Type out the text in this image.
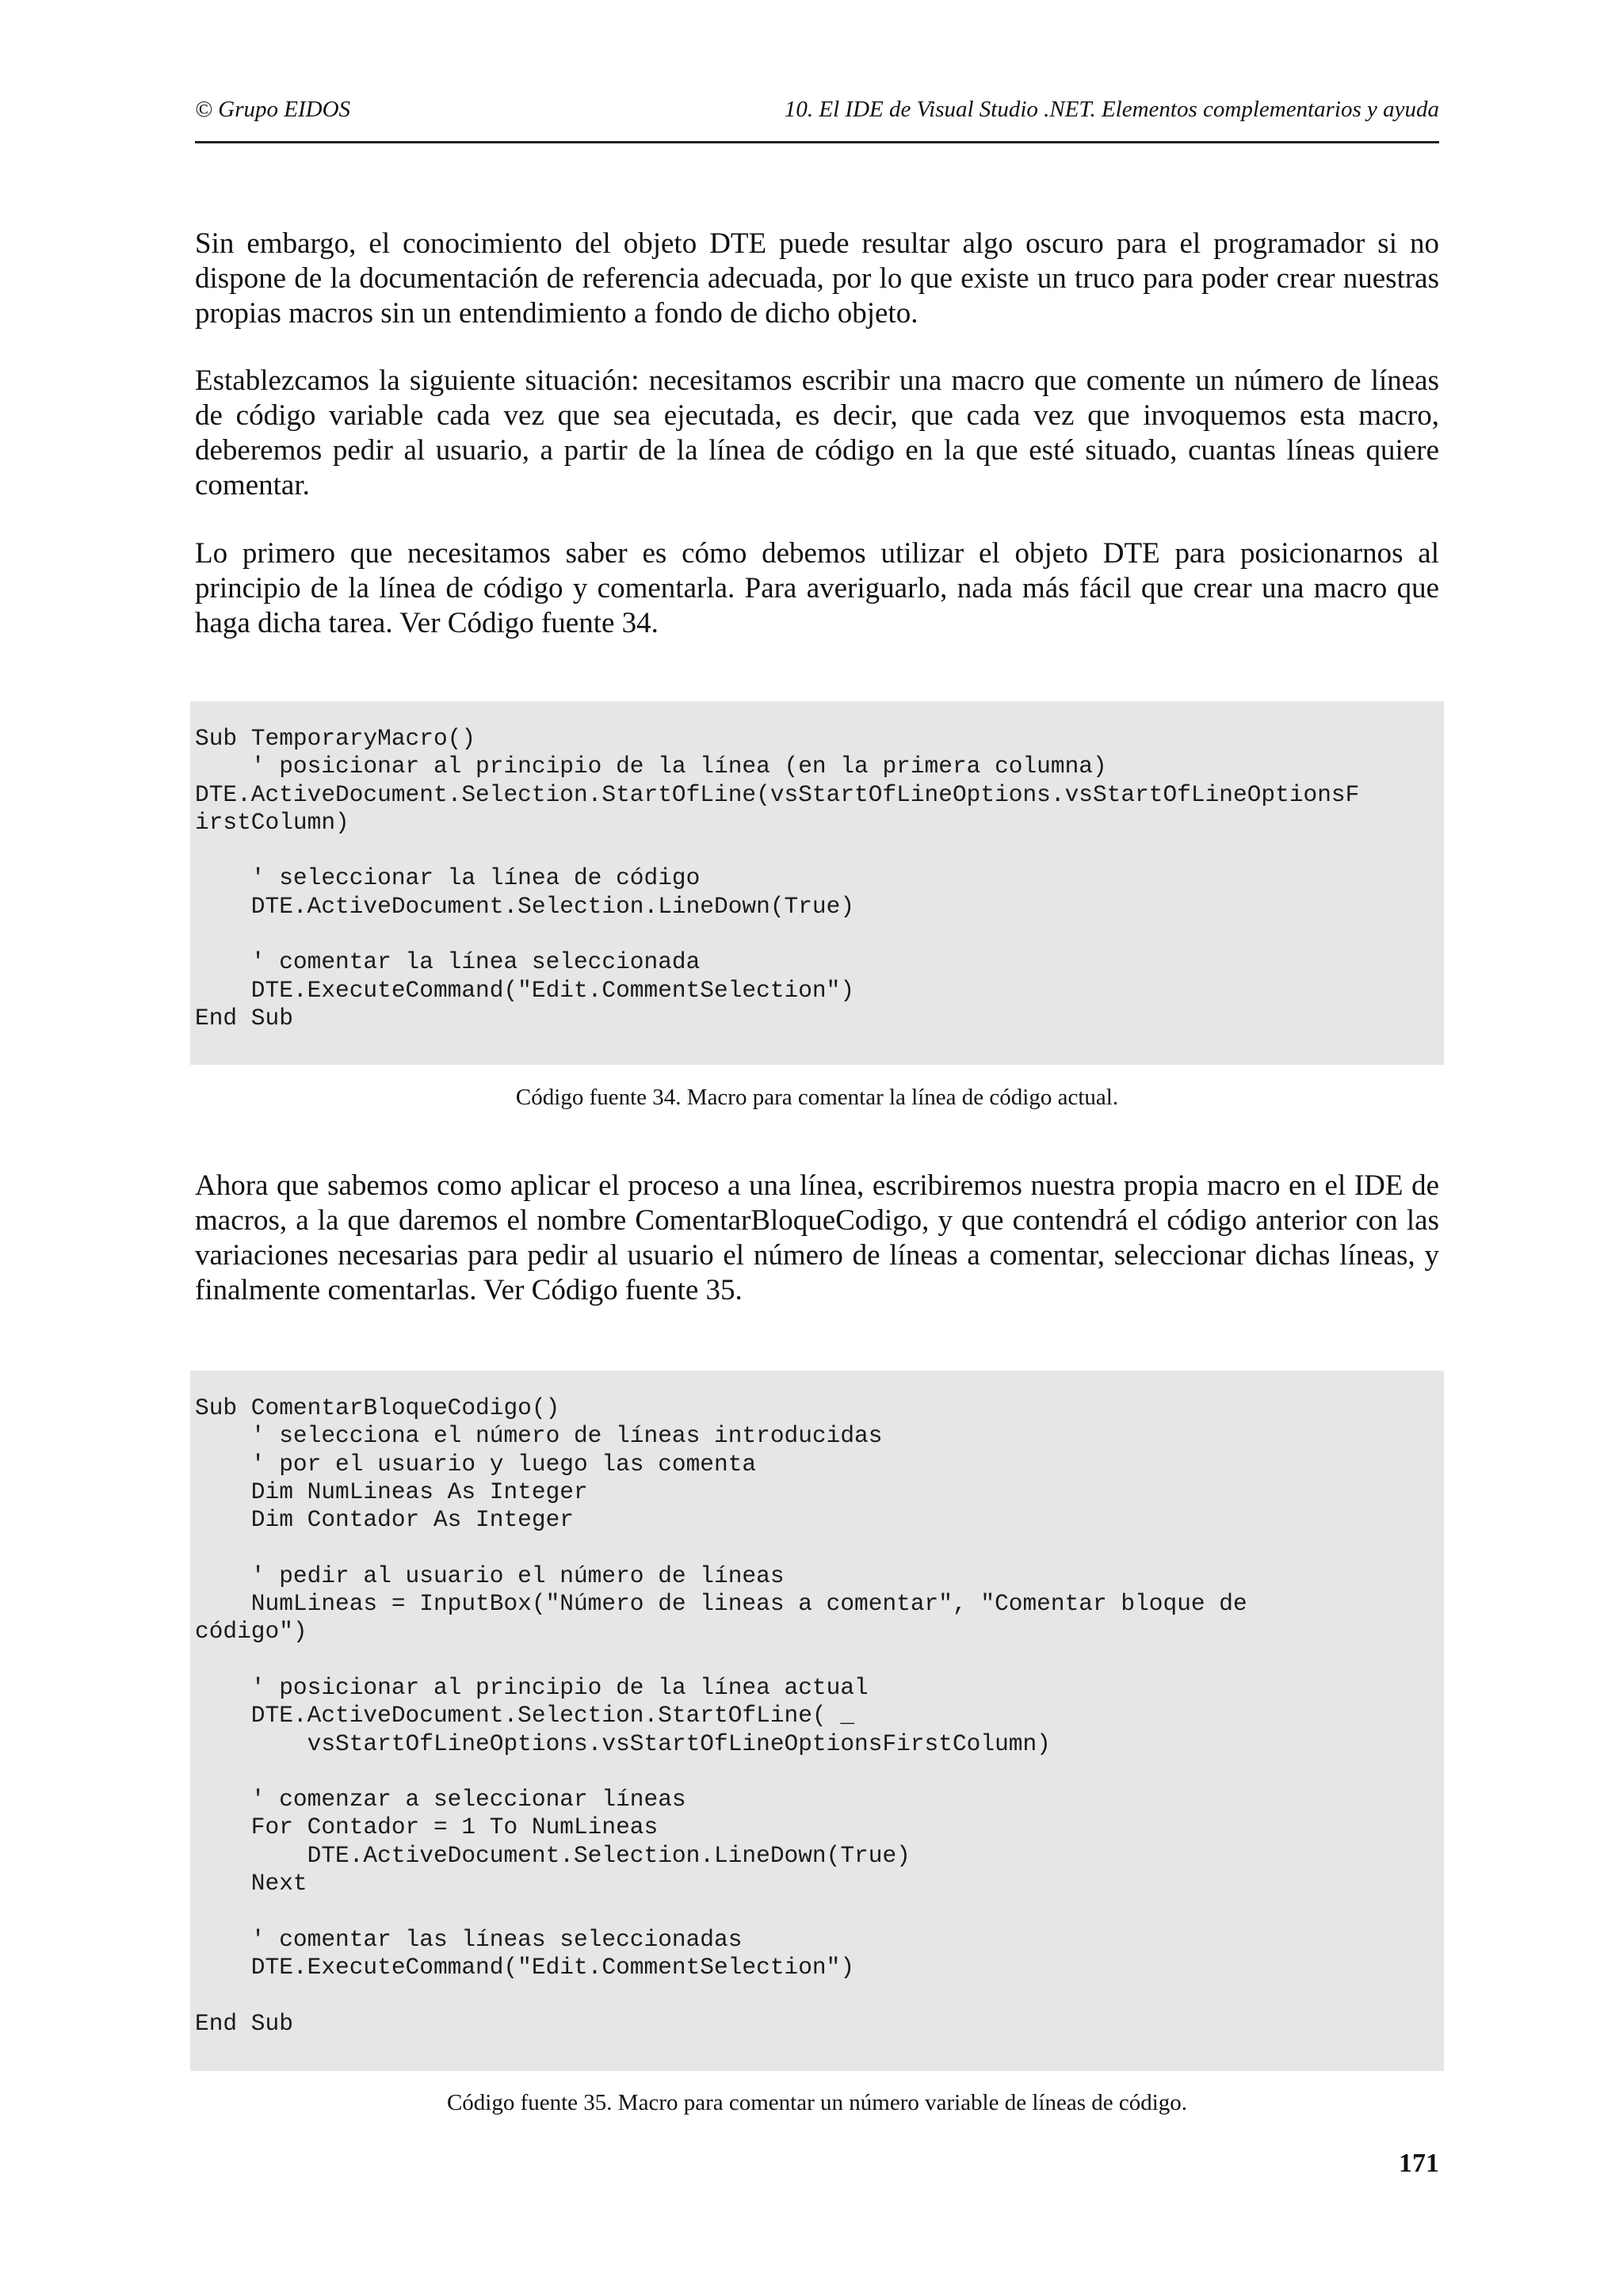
© Grupo EIDOS	10. El IDE de Visual Studio .NET. Elementos complementarios y ayuda

Sin embargo, el conocimiento del objeto DTE puede resultar algo oscuro para el programador si no dispone de la documentación de referencia adecuada, por lo que existe un truco para poder crear nuestras propias macros sin un entendimiento a fondo de dicho objeto.

Establezcamos la siguiente situación: necesitamos escribir una macro que comente un número de líneas de código variable cada vez que sea ejecutada, es decir, que cada vez que invoquemos esta macro, deberemos pedir al usuario, a partir de la línea de código en la que esté situado, cuantas líneas quiere comentar.

Lo primero que necesitamos saber es cómo debemos utilizar el objeto DTE para posicionarnos al principio de la línea de código y comentarla. Para averiguarlo, nada más fácil que crear una macro que haga dicha tarea. Ver Código fuente 34.

Sub TemporaryMacro()
' posicionar al principio de la línea (en la primera columna)
DTE.ActiveDocument.Selection.StartOfLine(vsStartOfLineOptions.vsStartOfLineOptionsF
irstColumn)

' seleccionar la línea de código
DTE.ActiveDocument.Selection.LineDown(True)

' comentar la línea seleccionada
DTE.ExecuteCommand("Edit.CommentSelection")
End Sub

Código fuente 34. Macro para comentar la línea de código actual.

Ahora que sabemos como aplicar el proceso a una línea, escribiremos nuestra propia macro en el IDE de macros, a la que daremos el nombre ComentarBloqueCodigo, y que contendrá el código anterior con las variaciones necesarias para pedir al usuario el número de líneas a comentar, seleccionar dichas líneas, y finalmente comentarlas. Ver Código fuente 35.

Sub ComentarBloqueCodigo()
' selecciona el número de líneas introducidas
' por el usuario y luego las comenta
Dim NumLineas As Integer
Dim Contador As Integer

' pedir al usuario el número de líneas
NumLineas = InputBox("Número de lineas a comentar", "Comentar bloque de
código")

' posicionar al principio de la línea actual
DTE.ActiveDocument.Selection.StartOfLine( _
vsStartOfLineOptions.vsStartOfLineOptionsFirstColumn)

' comenzar a seleccionar líneas
For Contador = 1 To NumLineas
DTE.ActiveDocument.Selection.LineDown(True)
Next

' comentar las líneas seleccionadas
DTE.ExecuteCommand("Edit.CommentSelection")

End Sub

Código fuente 35. Macro para comentar un número variable de líneas de código.

171
